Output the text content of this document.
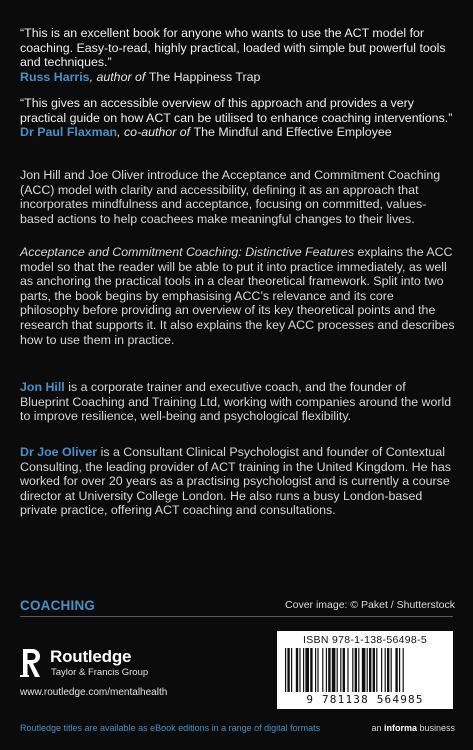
“This is an excellent book for anyone who wants to use the ACT model for coaching. Easy-to-read, highly practical, loaded with simple but powerful tools and techniques.”

Russ Harris, author of The Happiness Trap

“This gives an accessible overview of this approach and provides a very practical guide on how ACT can be utilised to enhance coaching interventions.”

Dr Paul Flaxman, co-author of The Mindful and Effective Employee

Jon Hill and Joe Oliver introduce the Acceptance and Commitment Coaching (ACC) model with clarity and accessibility, defining it as an approach that incorporates mindfulness and acceptance, focusing on committed, values-based actions to help coachees make meaningful changes to their lives.

Acceptance and Commitment Coaching: Distinctive Features explains the ACC model so that the reader will be able to put it into practice immediately, as well as anchoring the practical tools in a clear theoretical framework. Split into two parts, the book begins by emphasising ACC’s relevance and its core philosophy before providing an overview of its key theoretical points and the research that supports it. It also explains the key ACC processes and describes how to use them in practice.

Jon Hill is a corporate trainer and executive coach, and the founder of Blueprint Coaching and Training Ltd, working with companies around the world to improve resilience, well-being and psychological flexibility.

Dr Joe Oliver is a Consultant Clinical Psychologist and founder of Contextual Consulting, the leading provider of ACT training in the United Kingdom. He has worked for over 20 years as a practising psychologist and is currently a course director at University College London. He also runs a busy London-based private practice, offering ACT coaching and consultations.

COACHING	Cover image: © Paket / Shutterstock
Routledge
Taylor & Francis Group
www.routledge.com/mentalhealth
ISBN 978-1-138-56498-5
9 781138 564985
Routledge titles are available as eBook editions in a range of digital formats	an informa business
